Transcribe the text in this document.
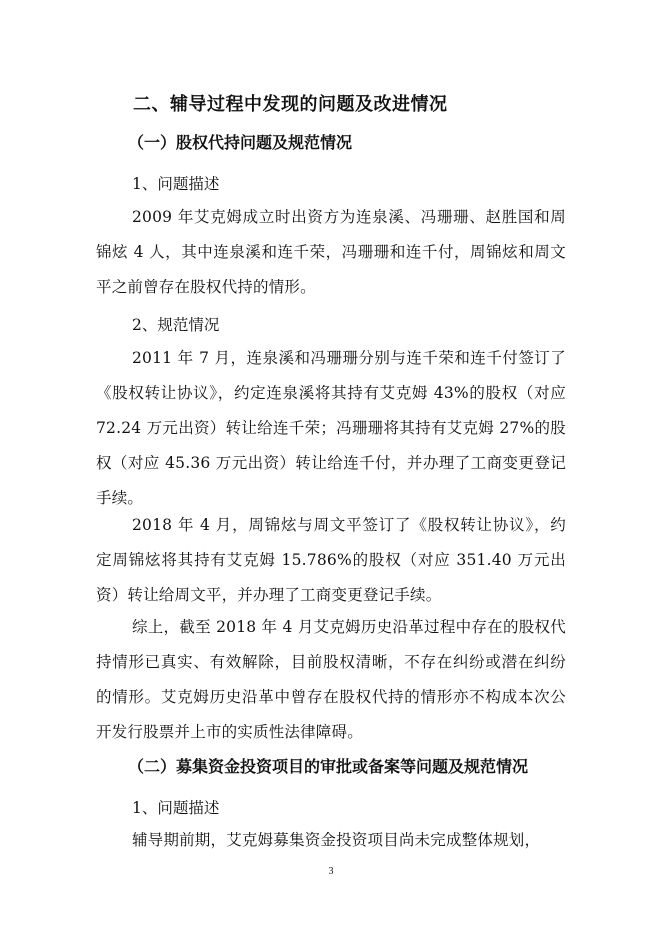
二、辅导过程中发现的问题及改进情况
（一）股权代持问题及规范情况
1、问题描述
2009 年艾克姆成立时出资方为连泉溪、冯珊珊、赵胜国和周锦炫 4 人，其中连泉溪和连千荣，冯珊珊和连千付，周锦炫和周文平之前曾存在股权代持的情形。
2、规范情况
2011 年 7 月，连泉溪和冯珊珊分别与连千荣和连千付签订了《股权转让协议》，约定连泉溪将其持有艾克姆 43%的股权（对应 72.24 万元出资）转让给连千荣；冯珊珊将其持有艾克姆 27%的股权（对应 45.36 万元出资）转让给连千付，并办理了工商变更登记手续。
2018 年 4 月，周锦炫与周文平签订了《股权转让协议》，约定周锦炫将其持有艾克姆 15.786%的股权（对应 351.40 万元出资）转让给周文平，并办理了工商变更登记手续。
综上，截至 2018 年 4 月艾克姆历史沿革过程中存在的股权代持情形已真实、有效解除，目前股权清晰，不存在纠纷或潜在纠纷的情形。艾克姆历史沿革中曾存在股权代持的情形亦不构成本次公开发行股票并上市的实质性法律障碍。
（二）募集资金投资项目的审批或备案等问题及规范情况
1、问题描述
辅导期前期，艾克姆募集资金投资项目尚未完成整体规划，
3
